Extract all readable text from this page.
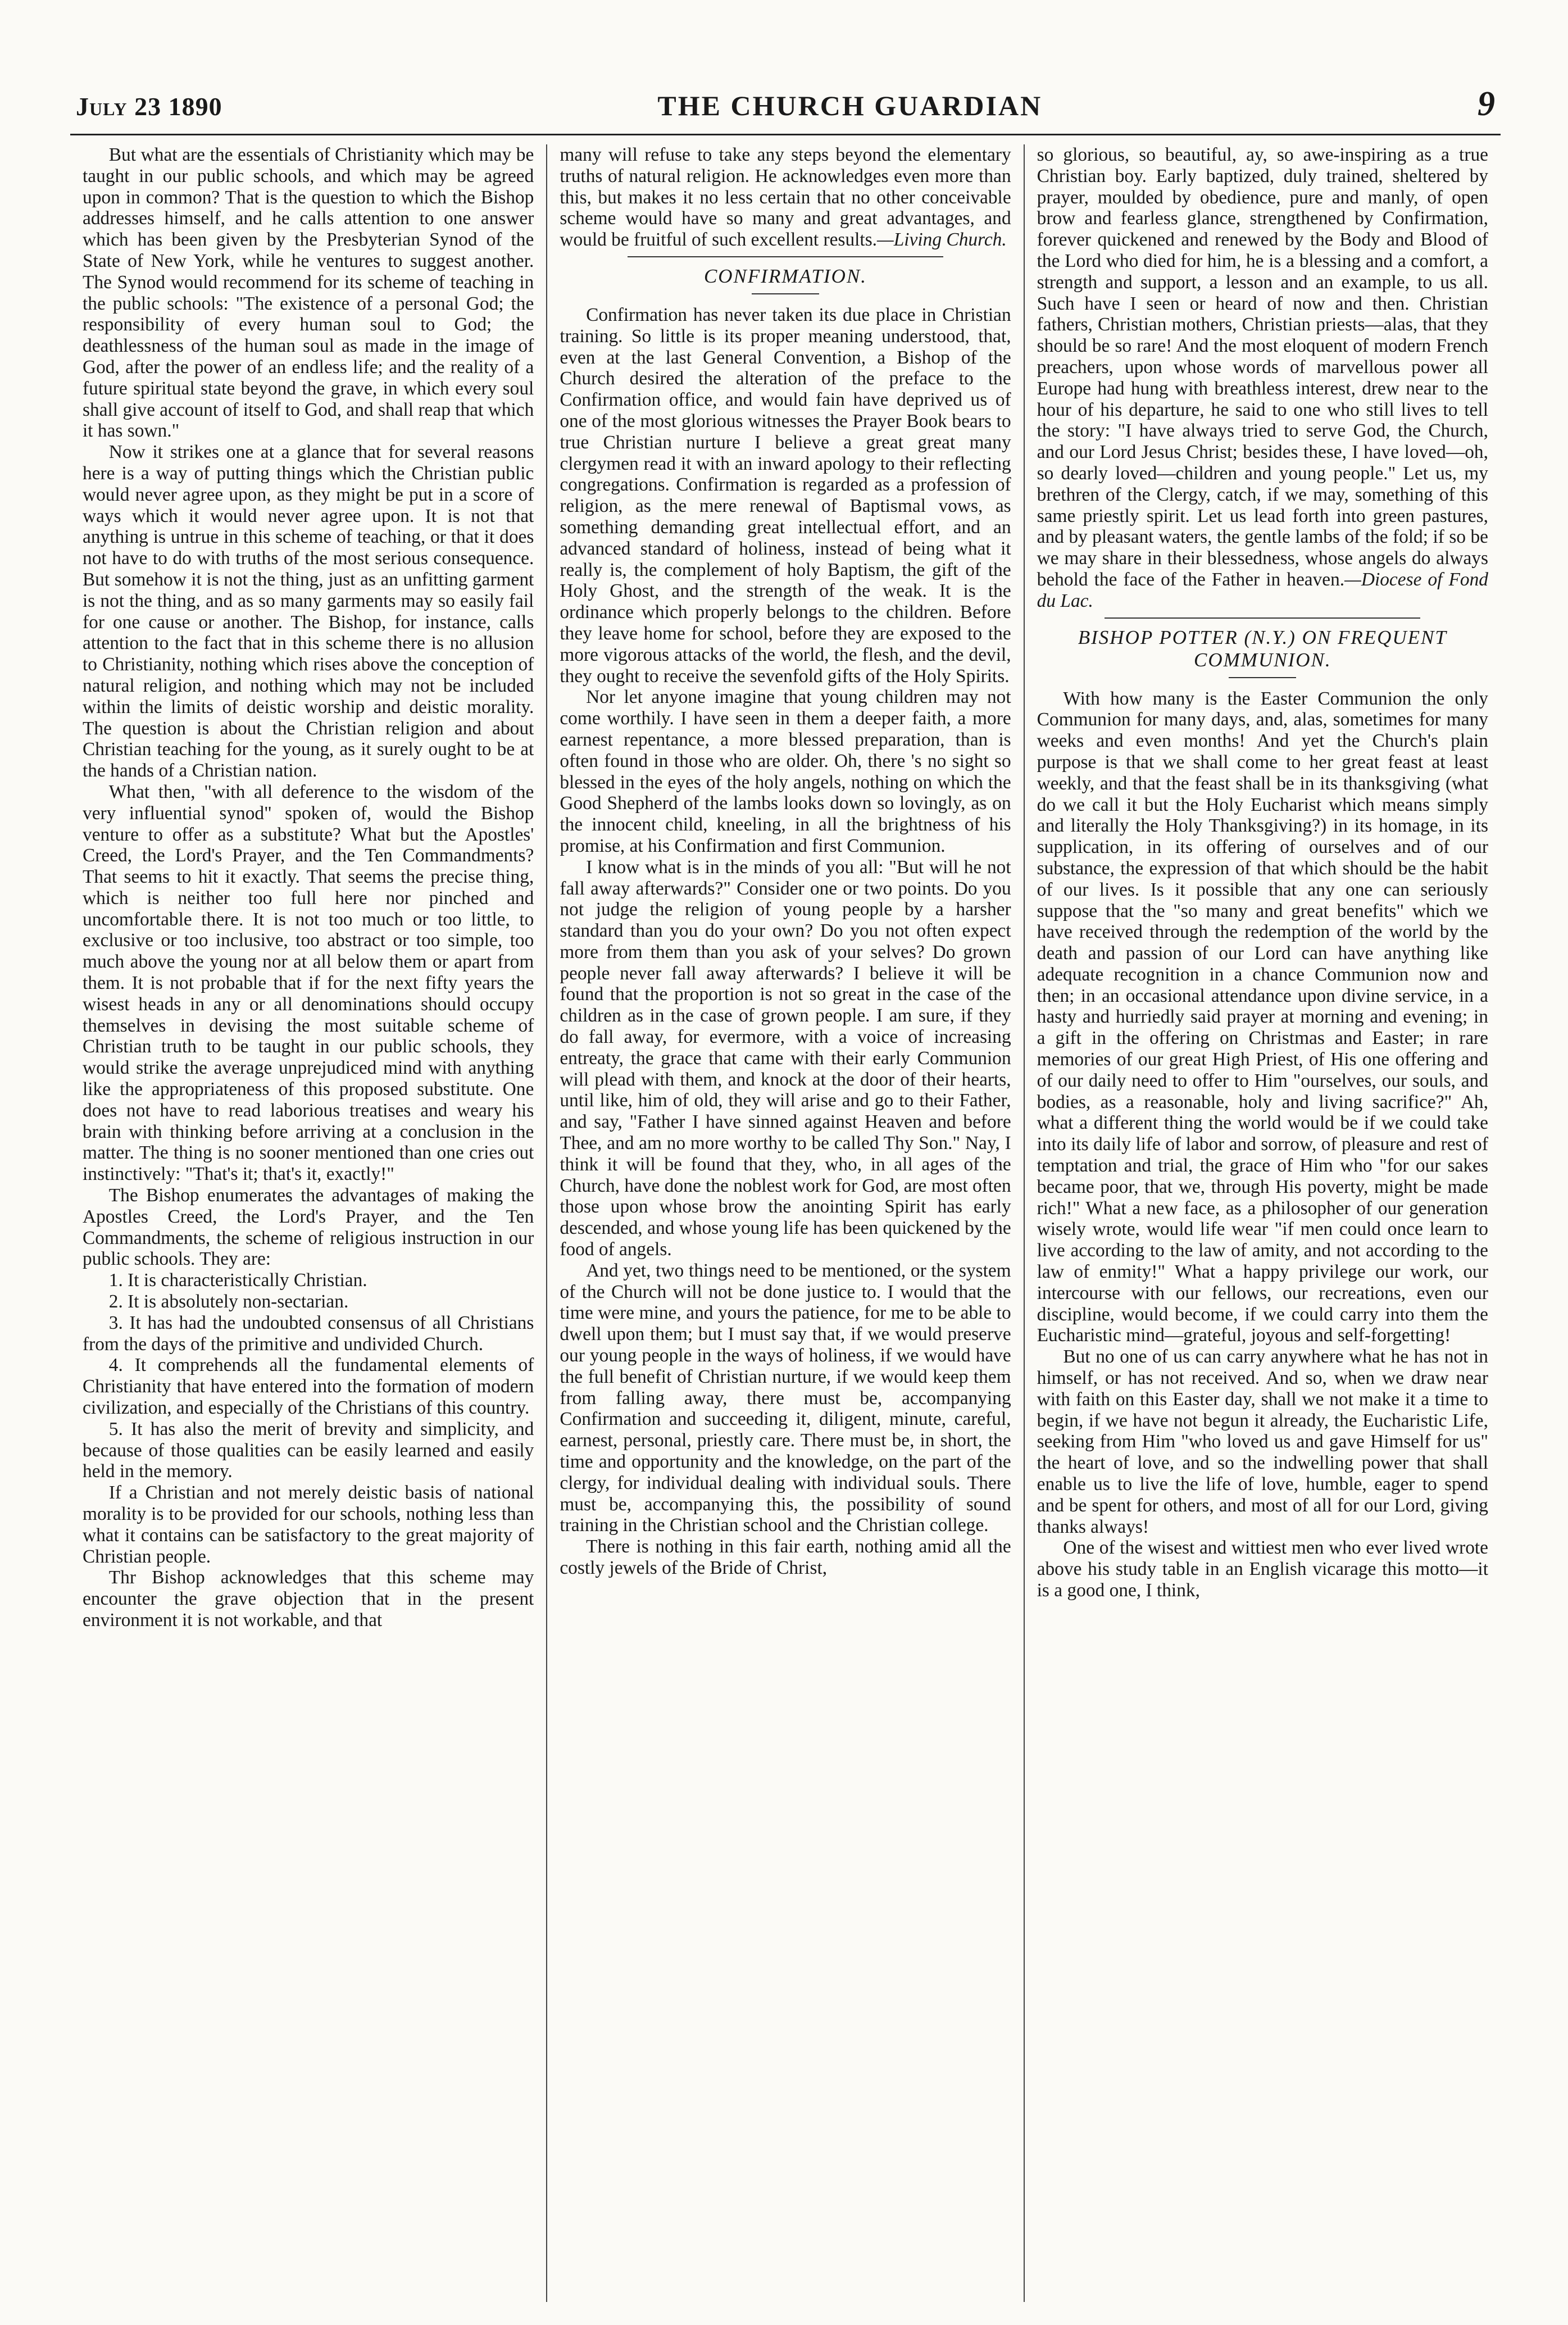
July 23 1890	THE CHURCH GUARDIAN	9

But what are the essentials of Christianity which may be taught in our public schools, and which may be agreed upon in common? That is the question to which the Bishop addresses himself, and he calls attention to one answer which has been given by the Presbyterian Synod of the State of New York, while he ventures to suggest another. The Synod would recommend for its scheme of teaching in the public schools: "The existence of a personal God; the responsibility of every human soul to God; the deathlessness of the human soul as made in the image of God, after the power of an endless life; and the reality of a future spiritual state beyond the grave, in which every soul shall give account of itself to God, and shall reap that which it has sown."

Now it strikes one at a glance that for several reasons here is a way of putting things which the Christian public would never agree upon, as they might be put in a score of ways which it would never agree upon. It is not that anything is untrue in this scheme of teaching, or that it does not have to do with truths of the most serious consequence. But somehow it is not the thing, just as an unfitting garment is not the thing, and as so many garments may so easily fail for one cause or another. The Bishop, for instance, calls attention to the fact that in this scheme there is no allusion to Christianity, nothing which rises above the conception of natural religion, and nothing which may not be included within the limits of deistic worship and deistic morality. The question is about the Christian religion and about Christian teaching for the young, as it surely ought to be at the hands of a Christian nation.

What then, "with all deference to the wisdom of the very influential synod" spoken of, would the Bishop venture to offer as a substitute? What but the Apostles' Creed, the Lord's Prayer, and the Ten Commandments? That seems to hit it exactly. That seems the precise thing, which is neither too full here nor pinched and uncomfortable there. It is not too much or too little, to exclusive or too inclusive, too abstract or too simple, too much above the young nor at all below them or apart from them. It is not probable that if for the next fifty years the wisest heads in any or all denominations should occupy themselves in devising the most suitable scheme of Christian truth to be taught in our public schools, they would strike the average unprejudiced mind with anything like the appropriateness of this proposed substitute. One does not have to read laborious treatises and weary his brain with thinking before arriving at a conclusion in the matter. The thing is no sooner mentioned than one cries out instinctively: "That's it; that's it, exactly!"

The Bishop enumerates the advantages of making the Apostles Creed, the Lord's Prayer, and the Ten Commandments, the scheme of religious instruction in our public schools. They are:

1. It is characteristically Christian.

2. It is absolutely non-sectarian.

3. It has had the undoubted consensus of all Christians from the days of the primitive and undivided Church.

4. It comprehends all the fundamental elements of Christianity that have entered into the formation of modern civilization, and especially of the Christians of this country.

5. It has also the merit of brevity and simplicity, and because of those qualities can be easily learned and easily held in the memory.

If a Christian and not merely deistic basis of national morality is to be provided for our schools, nothing less than what it contains can be satisfactory to the great majority of Christian people.

Thr Bishop acknowledges that this scheme may encounter the grave objection that in the present environment it is not workable, and that

many will refuse to take any steps beyond the elementary truths of natural religion. He acknowledges even more than this, but makes it no less certain that no other conceivable scheme would have so many and great advantages, and would be fruitful of such excellent results.—Living Church.

CONFIRMATION.

Confirmation has never taken its due place in Christian training. So little is its proper meaning understood, that, even at the last General Convention, a Bishop of the Church desired the alteration of the preface to the Confirmation office, and would fain have deprived us of one of the most glorious witnesses the Prayer Book bears to true Christian nurture I believe a great great many clergymen read it with an inward apology to their reflecting congregations. Confirmation is regarded as a profession of religion, as the mere renewal of Baptismal vows, as something demanding great intellectual effort, and an advanced standard of holiness, instead of being what it really is, the complement of holy Baptism, the gift of the Holy Ghost, and the strength of the weak. It is the ordinance which properly belongs to the children. Before they leave home for school, before they are exposed to the more vigorous attacks of the world, the flesh, and the devil, they ought to receive the sevenfold gifts of the Holy Spirits.

Nor let anyone imagine that young children may not come worthily. I have seen in them a deeper faith, a more earnest repentance, a more blessed preparation, than is often found in those who are older. Oh, there 's no sight so blessed in the eyes of the holy angels, nothing on which the Good Shepherd of the lambs looks down so lovingly, as on the innocent child, kneeling, in all the brightness of his promise, at his Confirmation and first Communion.

I know what is in the minds of you all: "But will he not fall away afterwards?" Consider one or two points. Do you not judge the religion of young people by a harsher standard than you do your own? Do you not often expect more from them than you ask of your selves? Do grown people never fall away afterwards? I believe it will be found that the proportion is not so great in the case of the children as in the case of grown people. I am sure, if they do fall away, for evermore, with a voice of increasing entreaty, the grace that came with their early Communion will plead with them, and knock at the door of their hearts, until like, him of old, they will arise and go to their Father, and say, "Father I have sinned against Heaven and before Thee, and am no more worthy to be called Thy Son." Nay, I think it will be found that they, who, in all ages of the Church, have done the noblest work for God, are most often those upon whose brow the anointing Spirit has early descended, and whose young life has been quickened by the food of angels.

And yet, two things need to be mentioned, or the system of the Church will not be done justice to. I would that the time were mine, and yours the patience, for me to be able to dwell upon them; but I must say that, if we would preserve our young people in the ways of holiness, if we would have the full benefit of Christian nurture, if we would keep them from falling away, there must be, accompanying Confirmation and succeeding it, diligent, minute, careful, earnest, personal, priestly care. There must be, in short, the time and opportunity and the knowledge, on the part of the clergy, for individual dealing with individual souls. There must be, accompanying this, the possibility of sound training in the Christian school and the Christian college.

There is nothing in this fair earth, nothing amid all the costly jewels of the Bride of Christ,

so glorious, so beautiful, ay, so awe-inspiring as a true Christian boy. Early baptized, duly trained, sheltered by prayer, moulded by obedience, pure and manly, of open brow and fearless glance, strengthened by Confirmation, forever quickened and renewed by the Body and Blood of the Lord who died for him, he is a blessing and a comfort, a strength and support, a lesson and an example, to us all. Such have I seen or heard of now and then. Christian fathers, Christian mothers, Christian priests—alas, that they should be so rare! And the most eloquent of modern French preachers, upon whose words of marvellous power all Europe had hung with breathless interest, drew near to the hour of his departure, he said to one who still lives to tell the story: "I have always tried to serve God, the Church, and our Lord Jesus Christ; besides these, I have loved—oh, so dearly loved—children and young people." Let us, my brethren of the Clergy, catch, if we may, something of this same priestly spirit. Let us lead forth into green pastures, and by pleasant waters, the gentle lambs of the fold; if so be we may share in their blessedness, whose angels do always behold the face of the Father in heaven.—Diocese of Fond du Lac.

BISHOP POTTER (N.Y.) ON FREQUENT COMMUNION.

With how many is the Easter Communion the only Communion for many days, and, alas, sometimes for many weeks and even months! And yet the Church's plain purpose is that we shall come to her great feast at least weekly, and that the feast shall be in its thanksgiving (what do we call it but the Holy Eucharist which means simply and literally the Holy Thanksgiving?) in its homage, in its supplication, in its offering of ourselves and of our substance, the expression of that which should be the habit of our lives. Is it possible that any one can seriously suppose that the "so many and great benefits" which we have received through the redemption of the world by the death and passion of our Lord can have anything like adequate recognition in a chance Communion now and then; in an occasional attendance upon divine service, in a hasty and hurriedly said prayer at morning and evening; in a gift in the offering on Christmas and Easter; in rare memories of our great High Priest, of His one offering and of our daily need to offer to Him "ourselves, our souls, and bodies, as a reasonable, holy and living sacrifice?" Ah, what a different thing the world would be if we could take into its daily life of labor and sorrow, of pleasure and rest of temptation and trial, the grace of Him who "for our sakes became poor, that we, through His poverty, might be made rich!" What a new face, as a philosopher of our generation wisely wrote, would life wear "if men could once learn to live according to the law of amity, and not according to the law of enmity!" What a happy privilege our work, our intercourse with our fellows, our recreations, even our discipline, would become, if we could carry into them the Eucharistic mind—grateful, joyous and self-forgetting!

But no one of us can carry anywhere what he has not in himself, or has not received. And so, when we draw near with faith on this Easter day, shall we not make it a time to begin, if we have not begun it already, the Eucharistic Life, seeking from Him "who loved us and gave Himself for us" the heart of love, and so the indwelling power that shall enable us to live the life of love, humble, eager to spend and be spent for others, and most of all for our Lord, giving thanks always!

One of the wisest and wittiest men who ever lived wrote above his study table in an English vicarage this motto—it is a good one, I think,
